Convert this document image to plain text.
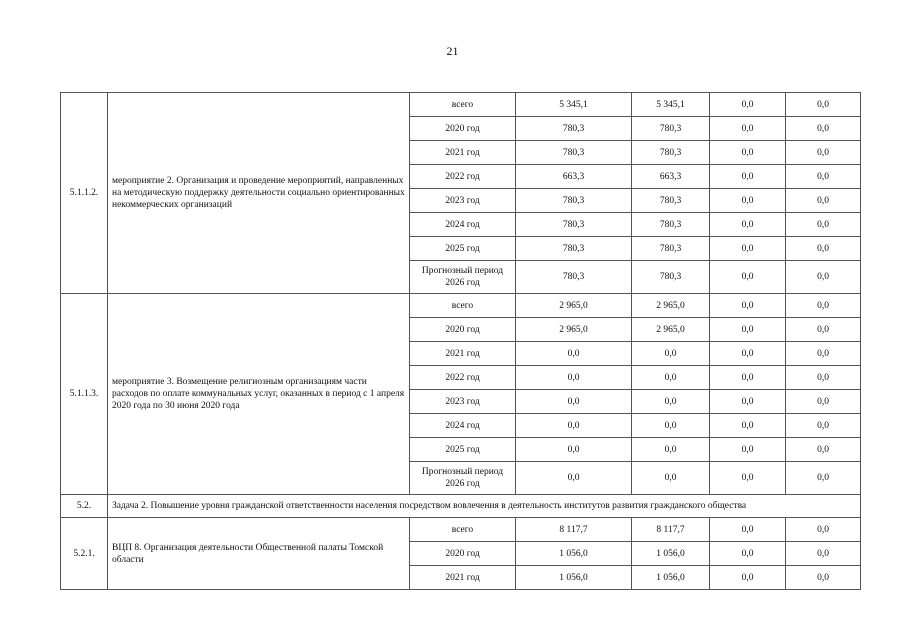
21
5.1.1.2.	мероприятие 2. Организация и проведение мероприятий, направленных на методическую поддержку деятельности социально ориентированных некоммерческих организаций	всего	5 345,1	5 345,1	0,0	0,0
		2020 год	780,3	780,3	0,0	0,0
		2021 год	780,3	780,3	0,0	0,0
		2022 год	663,3	663,3	0,0	0,0
		2023 год	780,3	780,3	0,0	0,0
		2024 год	780,3	780,3	0,0	0,0
		2025 год	780,3	780,3	0,0	0,0
		Прогнозный период 2026 год	780,3	780,3	0,0	0,0
5.1.1.3.	мероприятие 3. Возмещение религиозным организациям части расходов по оплате коммунальных услуг, оказанных в период с 1 апреля 2020 года по 30 июня 2020 года	всего	2 965,0	2 965,0	0,0	0,0
		2020 год	2 965,0	2 965,0	0,0	0,0
		2021 год	0,0	0,0	0,0	0,0
		2022 год	0,0	0,0	0,0	0,0
		2023 год	0,0	0,0	0,0	0,0
		2024 год	0,0	0,0	0,0	0,0
		2025 год	0,0	0,0	0,0	0,0
		Прогнозный период 2026 год	0,0	0,0	0,0	0,0
5.2.	Задача 2. Повышение уровня гражданской ответственности населения посредством вовлечения в деятельность институтов развития гражданского общества					
5.2.1.	ВЦП 8. Организация деятельности Общественной палаты Томской области	всего	8 117,7	8 117,7	0,0	0,0
		2020 год	1 056,0	1 056,0	0,0	0,0
		2021 год	1 056,0	1 056,0	0,0	0,0
